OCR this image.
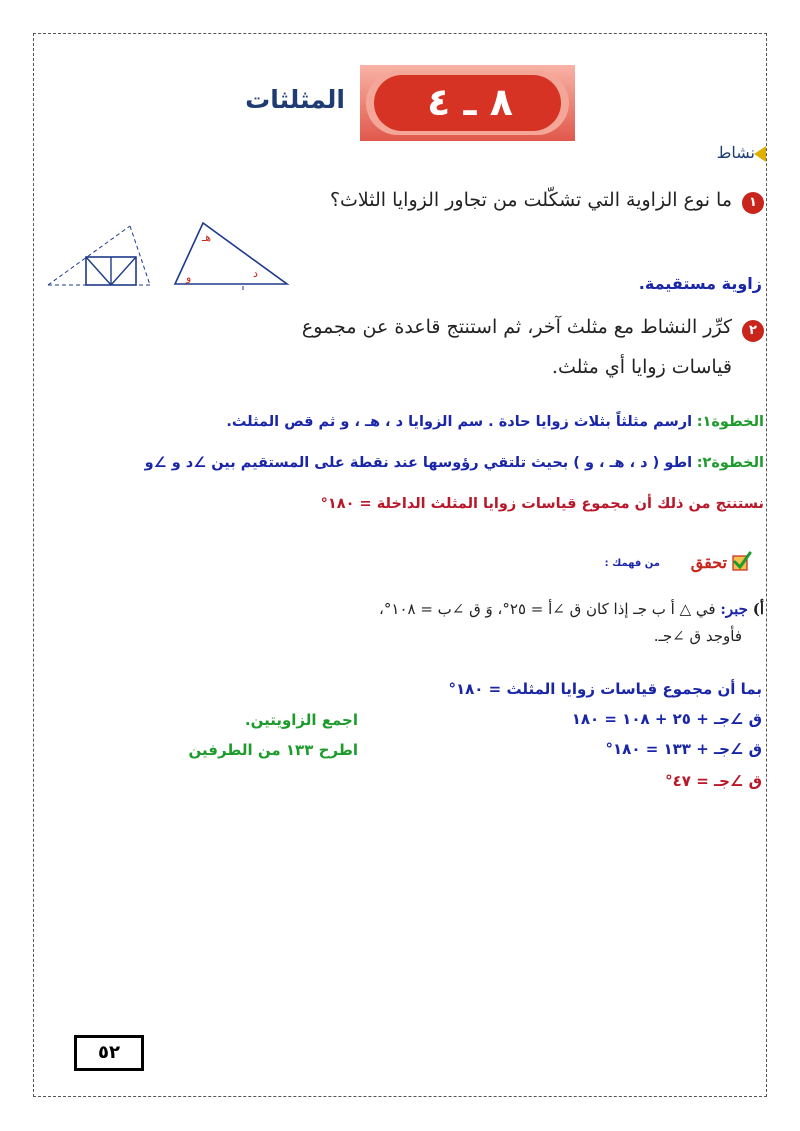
المثلثات	٨ ـ ٤
نشاط
١
ما نوع الزاوية التي تشكّلت من تجاور الزوايا الثلاث؟
هـ
د
و	زاوية مستقيمة.
٢
كرِّر النشاط مع مثلث آخر، ثم استنتج قاعدة عن مجموع
قياسات زوايا أي مثلث.
الخطوة١: ارسم مثلثاً بثلاث زوايا حادة . سم الزوايا د ، هـ ، و ثم قص المثلث.
الخطوة٢: اطو ( د ، هـ ، و ) بحيث تلتقي رؤوسها عند نقطة على المستقيم بين ∠د و ∠و
نستنتج من ذلك أن مجموع قياسات زوايا المثلث الداخلة = ١٨٠°
تحقق
من فهمك :
أ) جبر: في △ أ ب جـ إذا كان ق ∠أ = ٢٥°، وَ ق ∠ب = ١٠٨°،
فأوجد ق ∠جـ.
بما أن مجموع قياسات زوايا المثلث = ١٨٠°
ق ∠جـ + ٢٥ + ١٠٨ = ١٨٠
اجمع الزاويتين.
ق ∠جـ + ١٣٣ = ١٨٠°
اطرح ١٣٣ من الطرفين
ق ∠جـ = ٤٧°
٥٢
